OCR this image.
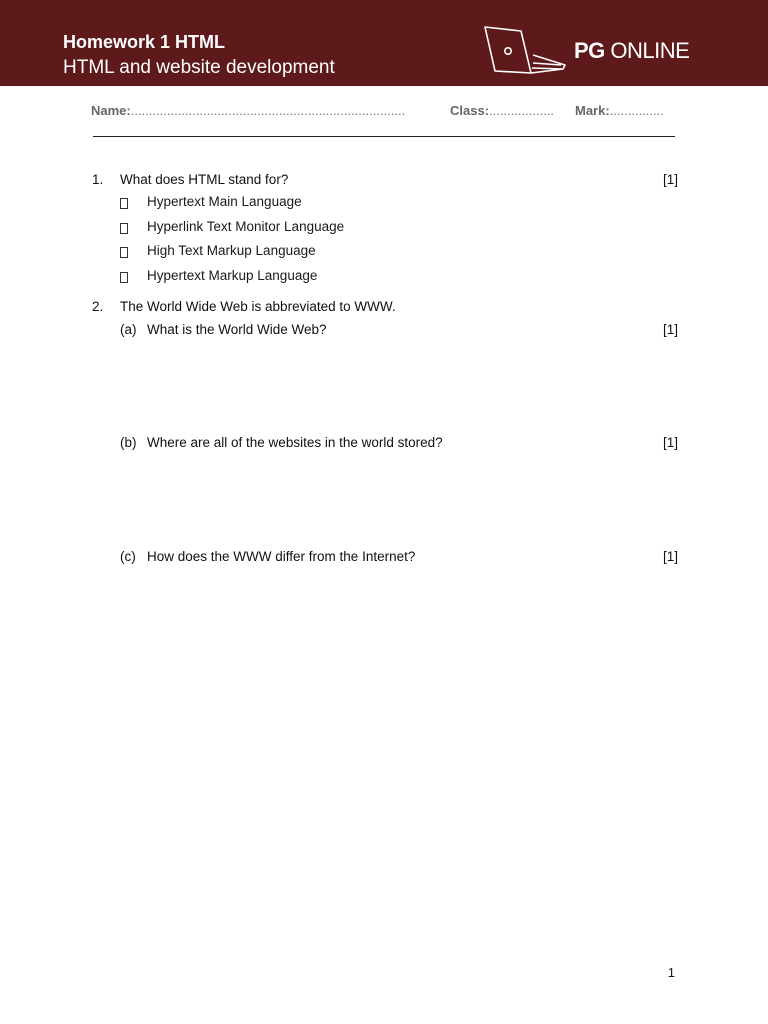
Homework 1 HTML
HTML and website development
PG ONLINE
Name:............................................................................	Class:.................. Mark:...............
1. What does HTML stand for?	[1]
Hypertext Main Language
Hyperlink Text Monitor Language
High Text Markup Language
Hypertext Markup Language
2. The World Wide Web is abbreviated to WWW.
(a) What is the World Wide Web?	[1]
(b) Where are all of the websites in the world stored?	[1]
(c) How does the WWW differ from the Internet?	[1]
1
